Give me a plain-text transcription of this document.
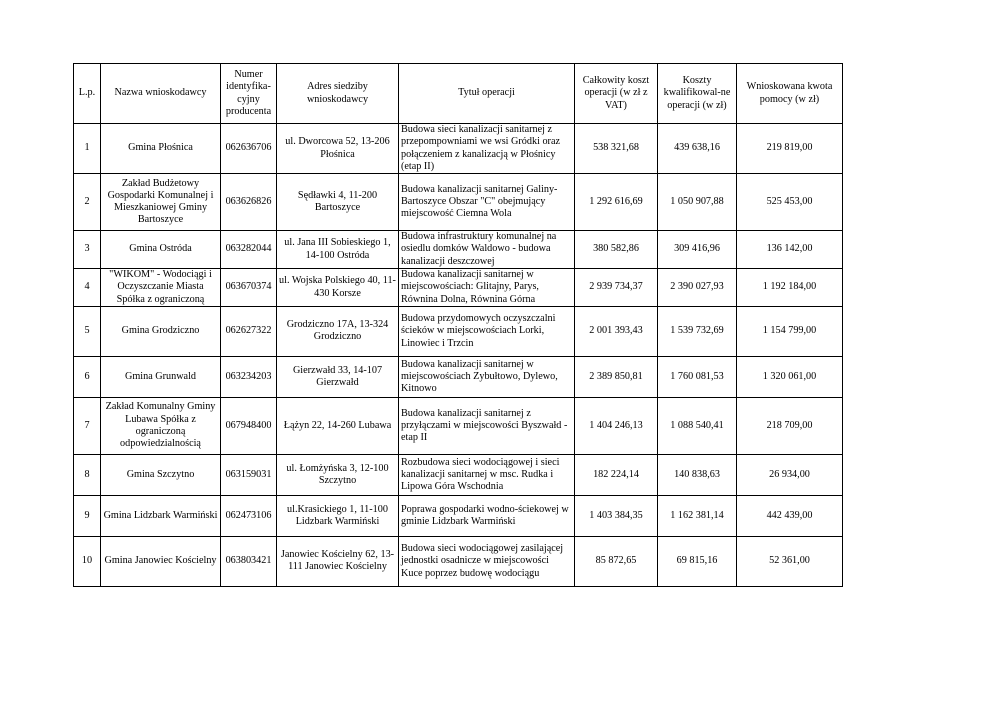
L.p.	Nazwa wnioskodawcy	Numer identyfika-cyjny producenta	Adres siedziby wnioskodawcy	Tytuł operacji	Całkowity koszt operacji (w zł z VAT)	Koszty kwalifikowal-ne operacji (w zł)	Wnioskowana kwota pomocy (w zł)
1	Gmina Płośnica	062636706	ul. Dworcowa 52, 13-206 Płośnica	Budowa sieci kanalizacji sanitarnej z przepompowniami we wsi Gródki oraz połączeniem z kanalizacją w Płośnicy (etap II)	538 321,68	439 638,16	219 819,00
2	Zakład Budżetowy Gospodarki Komunalnej i Mieszkaniowej Gminy Bartoszyce	063626826	Sędławki 4, 11-200 Bartoszyce	Budowa kanalizacji sanitarnej Galiny-Bartoszyce Obszar "C" obejmujący miejscowość Ciemna Wola	1 292 616,69	1 050 907,88	525 453,00
3	Gmina Ostróda	063282044	ul. Jana III Sobieskiego 1, 14-100 Ostróda	Budowa infrastruktury komunalnej na osiedlu domków Waldowo - budowa kanalizacji deszczowej	380 582,86	309 416,96	136 142,00
4	"WIKOM" - Wodociągi i Oczyszczanie Miasta Spółka z ograniczoną	063670374	ul. Wojska Polskiego 40, 11-430 Korsze	Budowa kanalizacji sanitarnej w miejscowościach: Glitajny, Parys, Równina Dolna, Równina Górna	2 939 734,37	2 390 027,93	1 192 184,00
5	Gmina Grodziczno	062627322	Grodziczno 17A, 13-324 Grodziczno	Budowa przydomowych oczyszczalni ścieków w miejscowościach Lorki, Linowiec i Trzcin	2 001 393,43	1 539 732,69	1 154 799,00
6	Gmina Grunwald	063234203	Gierzwałd 33, 14-107 Gierzwałd	Budowa kanalizacji sanitarnej w miejscowościach Zybułtowo, Dylewo, Kitnowo	2 389 850,81	1 760 081,53	1 320 061,00
7	Zakład Komunalny Gminy Lubawa Spółka z ograniczoną odpowiedzialnością	067948400	Łążyn 22, 14-260 Lubawa	Budowa kanalizacji sanitarnej z przyłączami w miejscowości Byszwałd - etap II	1 404 246,13	1 088 540,41	218 709,00
8	Gmina Szczytno	063159031	ul. Łomżyńska 3, 12-100 Szczytno	Rozbudowa sieci wodociągowej i sieci kanalizacji sanitarnej w msc. Rudka i Lipowa Góra Wschodnia	182 224,14	140 838,63	26 934,00
9	Gmina Lidzbark Warmiński	062473106	ul.Krasickiego 1, 11-100 Lidzbark Warmiński	Poprawa gospodarki wodno-ściekowej w gminie Lidzbark Warmiński	1 403 384,35	1 162 381,14	442 439,00
10	Gmina Janowiec Kościelny	063803421	Janowiec Kościelny 62, 13-111 Janowiec Kościelny	Budowa sieci wodociągowej zasilającej jednostki osadnicze w miejscowości Kuce poprzez budowę wodociągu	85 872,65	69 815,16	52 361,00
